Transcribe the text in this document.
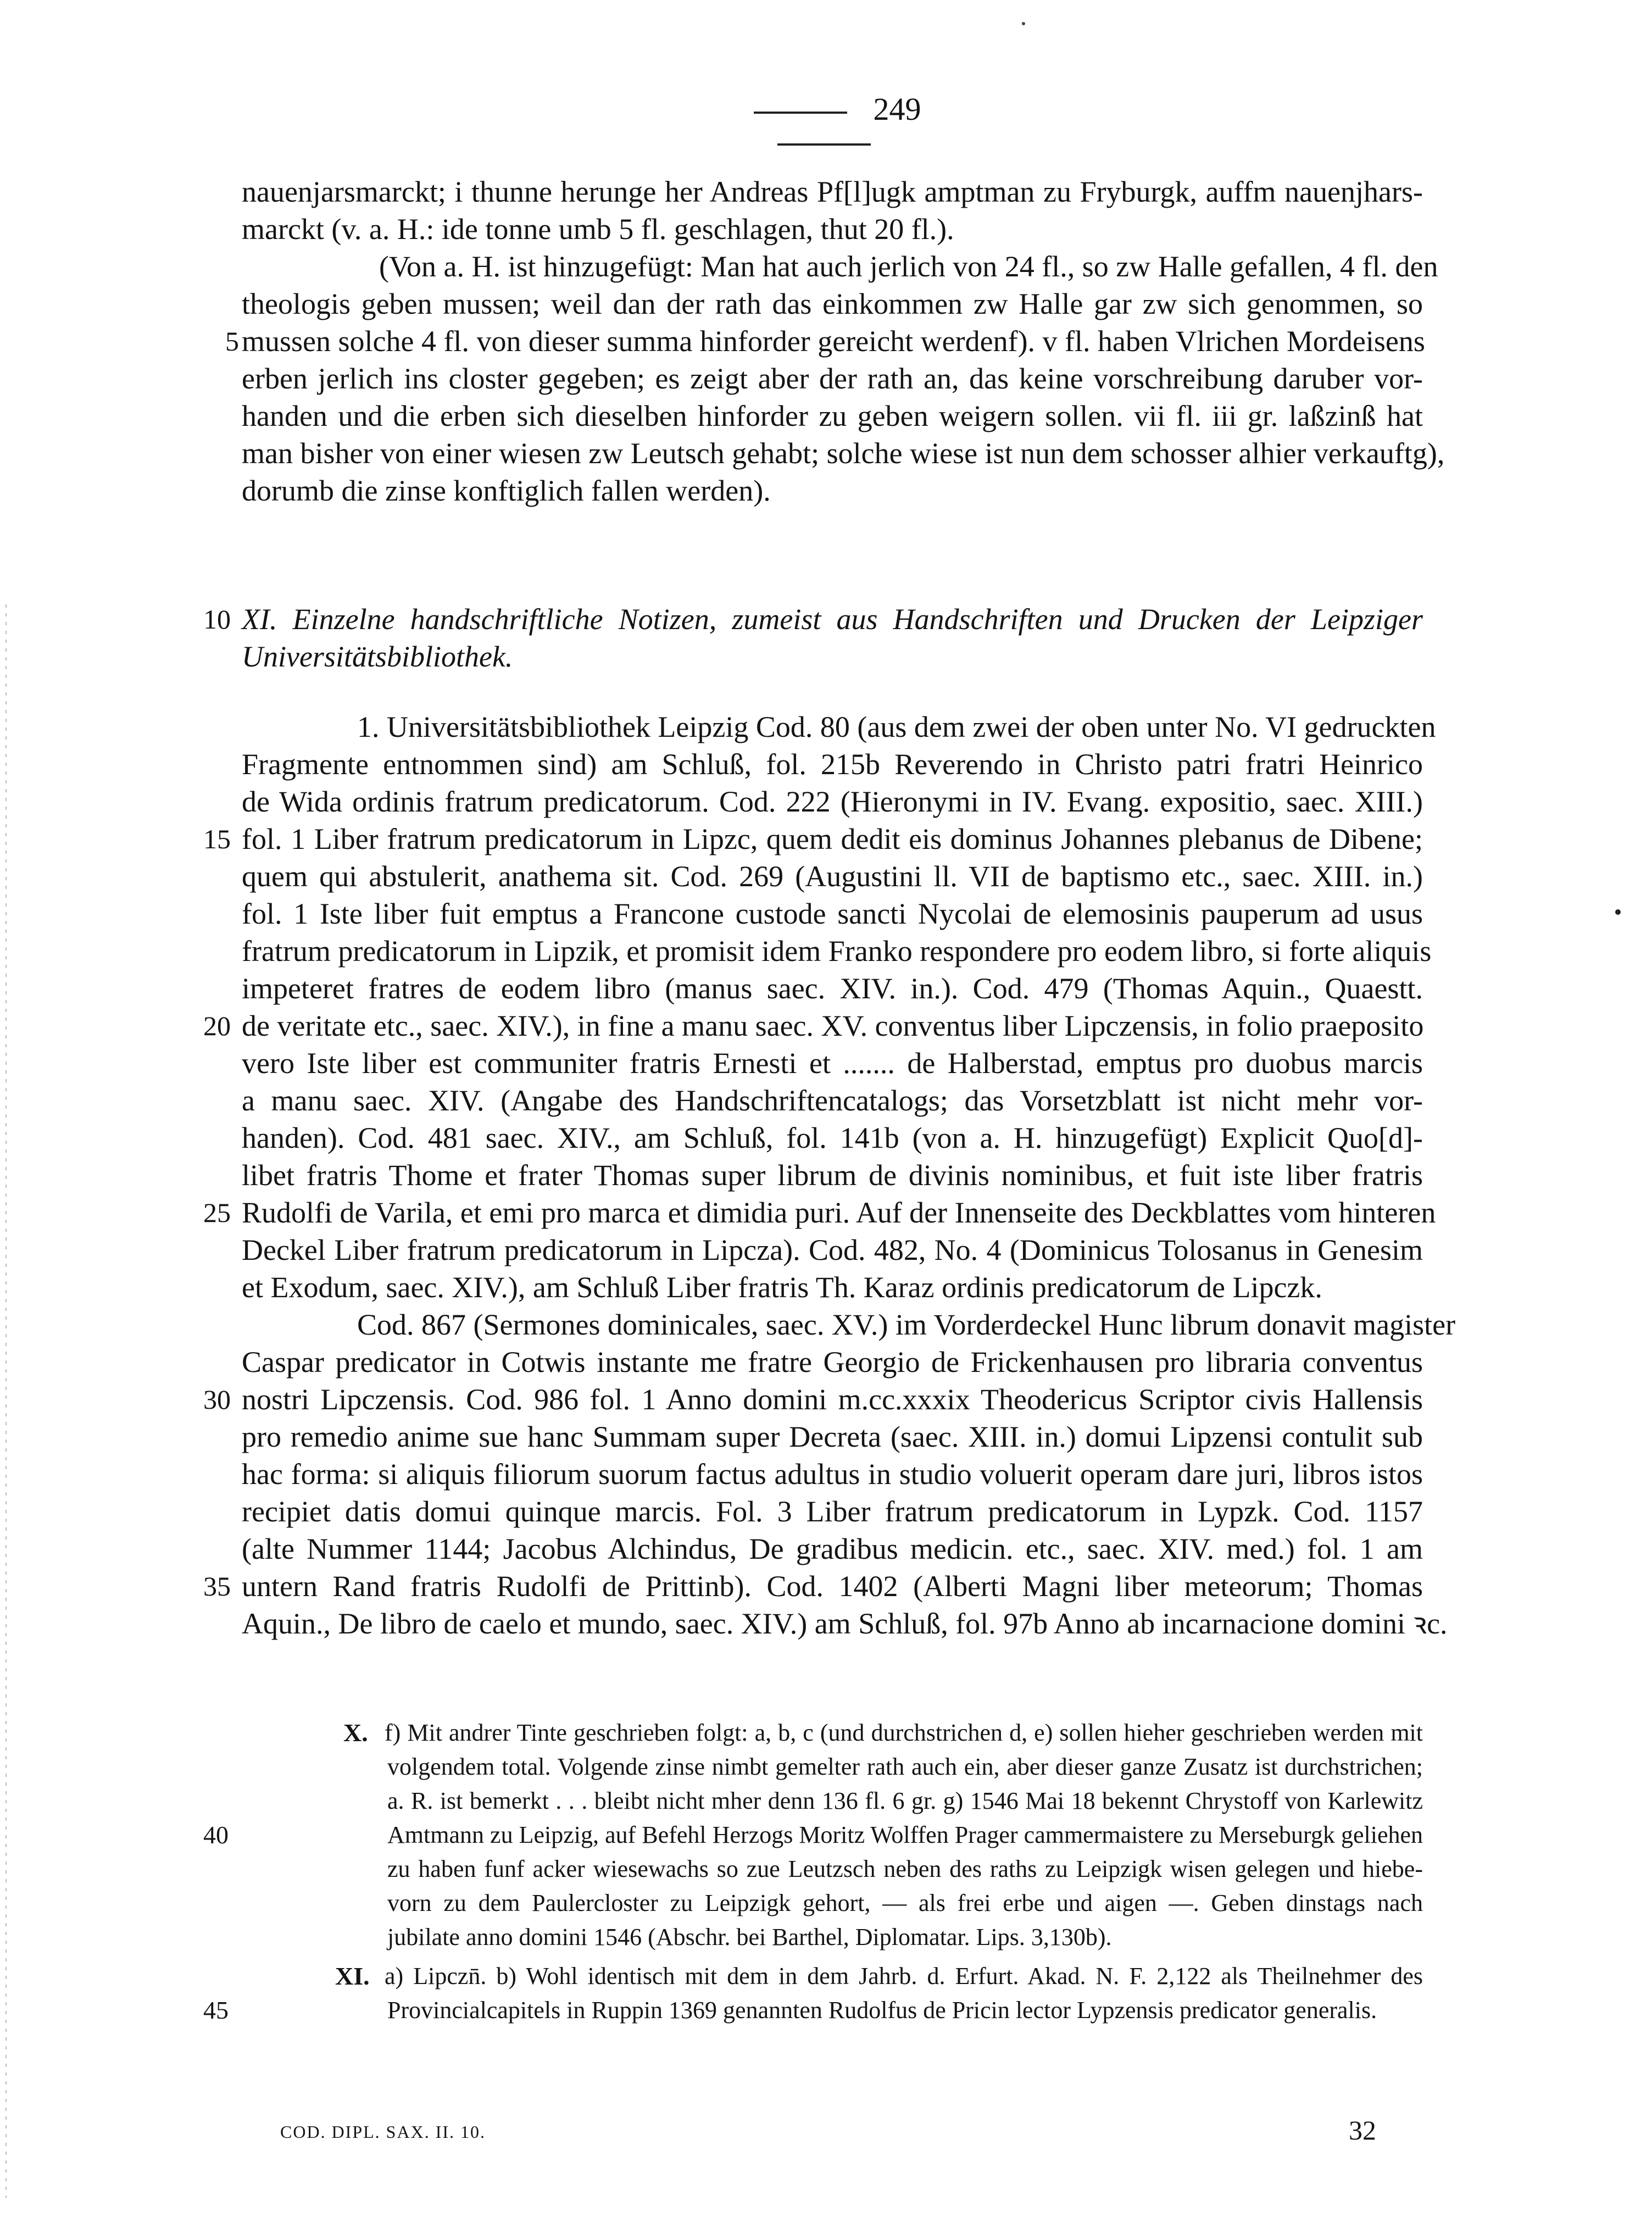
249
nauenjarsmarckt; i thunne herunge her Andreas Pf[l]ugk amptman zu Fryburgk, auffm nauenjhars-
marckt (v. a. H.: ide tonne umb 5 fl. geschlagen, thut 20 fl.).
(Von a. H. ist hinzugefügt: Man hat auch jerlich von 24 fl., so zw Halle gefallen, 4 fl. den
theologis geben mussen; weil dan der rath das einkommen zw Halle gar zw sich genommen, so
mussen solche 4 fl. von dieser summa hinforder gereicht werdenf). v fl. haben Vlrichen Mordeisens
erben jerlich ins closter gegeben; es zeigt aber der rath an, das keine vorschreibung daruber vor-
handen und die erben sich dieselben hinforder zu geben weigern sollen. vii fl. iii gr. laßzinß hat
man bisher von einer wiesen zw Leutsch gehabt; solche wiese ist nun dem schosser alhier verkauftg),
dorumb die zinse konftiglich fallen werden).
XI. Einzelne handschriftliche Notizen, zumeist aus Handschriften und Drucken der Leipziger
Universitätsbibliothek.
1. Universitätsbibliothek Leipzig Cod. 80 (aus dem zwei der oben unter No. VI gedruckten
Fragmente entnommen sind) am Schluß, fol. 215b Reverendo in Christo patri fratri Heinrico
de Wida ordinis fratrum predicatorum. Cod. 222 (Hieronymi in IV. Evang. expositio, saec. XIII.)
fol. 1 Liber fratrum predicatorum in Lipzc, quem dedit eis dominus Johannes plebanus de Dibene;
quem qui abstulerit, anathema sit. Cod. 269 (Augustini ll. VII de baptismo etc., saec. XIII. in.)
fol. 1 Iste liber fuit emptus a Francone custode sancti Nycolai de elemosinis pauperum ad usus
fratrum predicatorum in Lipzik, et promisit idem Franko respondere pro eodem libro, si forte aliquis
impeteret fratres de eodem libro (manus saec. XIV. in.). Cod. 479 (Thomas Aquin., Quaestt.
de veritate etc., saec. XIV.), in fine a manu saec. XV. conventus liber Lipczensis, in folio praeposito
vero Iste liber est communiter fratris Ernesti et ....... de Halberstad, emptus pro duobus marcis
a manu saec. XIV. (Angabe des Handschriftencatalogs; das Vorsetzblatt ist nicht mehr vor-
handen). Cod. 481 saec. XIV., am Schluß, fol. 141b (von a. H. hinzugefügt) Explicit Quo[d]-
libet fratris Thome et frater Thomas super librum de divinis nominibus, et fuit iste liber fratris
Rudolfi de Varila, et emi pro marca et dimidia puri. Auf der Innenseite des Deckblattes vom hinteren
Deckel Liber fratrum predicatorum in Lipcza). Cod. 482, No. 4 (Dominicus Tolosanus in Genesim
et Exodum, saec. XIV.), am Schluß Liber fratris Th. Karaz ordinis predicatorum de Lipczk.
Cod. 867 (Sermones dominicales, saec. XV.) im Vorderdeckel Hunc librum donavit magister
Caspar predicator in Cotwis instante me fratre Georgio de Frickenhausen pro libraria conventus
nostri Lipczensis. Cod. 986 fol. 1 Anno domini m.cc.xxxix Theodericus Scriptor civis Hallensis
pro remedio anime sue hanc Summam super Decreta (saec. XIII. in.) domui Lipzensi contulit sub
hac forma: si aliquis filiorum suorum factus adultus in studio voluerit operam dare juri, libros istos
recipiet datis domui quinque marcis. Fol. 3 Liber fratrum predicatorum in Lypzk. Cod. 1157
(alte Nummer 1144; Jacobus Alchindus, De gradibus medicin. etc., saec. XIV. med.) fol. 1 am
untern Rand fratris Rudolfi de Prittinb). Cod. 1402 (Alberti Magni liber meteorum; Thomas
Aquin., De libro de caelo et mundo, saec. XIV.) am Schluß, fol. 97b Anno ab incarnacione domini ꝛc.
5
10
15
20
25
30
35
X. f) Mit andrer Tinte geschrieben folgt: a, b, c (und durchstrichen d, e) sollen hieher geschrieben werden mit
volgendem total. Volgende zinse nimbt gemelter rath auch ein, aber dieser ganze Zusatz ist durchstrichen;
a. R. ist bemerkt . . . bleibt nicht mher denn 136 fl. 6 gr. g) 1546 Mai 18 bekennt Chrystoff von Karlewitz
Amtmann zu Leipzig, auf Befehl Herzogs Moritz Wolffen Prager cammermaistere zu Merseburgk geliehen
zu haben funf acker wiesewachs so zue Leutzsch neben des raths zu Leipzigk wisen gelegen und hiebe-
vorn zu dem Paulercloster zu Leipzigk gehort, — als frei erbe und aigen —. Geben dinstags nach
jubilate anno domini 1546 (Abschr. bei Barthel, Diplomatar. Lips. 3,130b).
XI. a) Lipczn̄. b) Wohl identisch mit dem in dem Jahrb. d. Erfurt. Akad. N. F. 2,122 als Theilnehmer des
Provincialcapitels in Ruppin 1369 genannten Rudolfus de Pricin lector Lypzensis predicator generalis.
40
45
COD. DIPL. SAX. II. 10.	32
